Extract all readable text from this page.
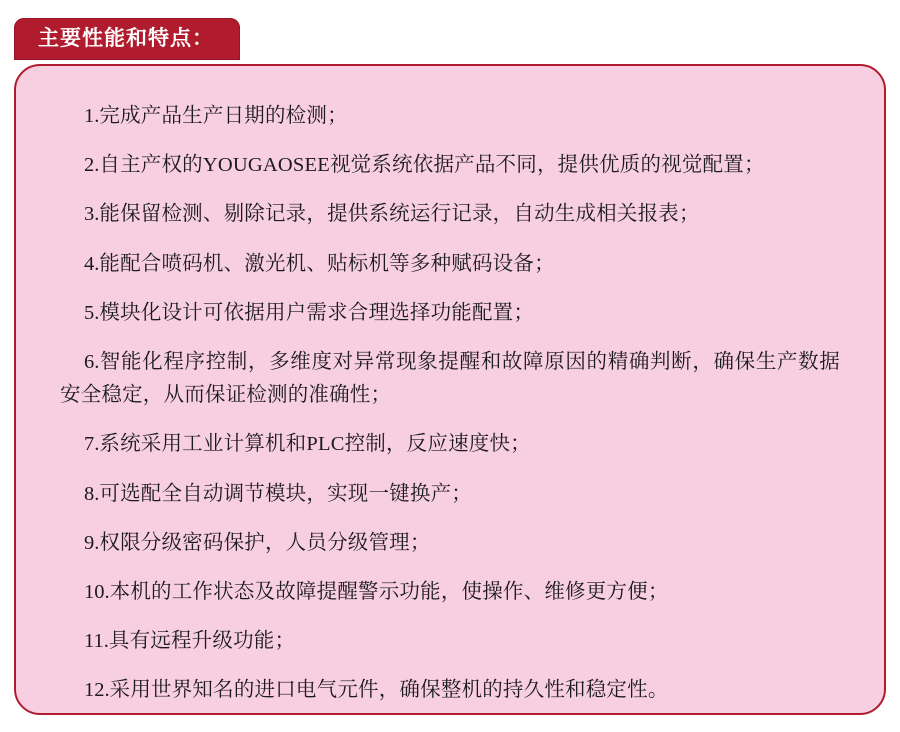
主要性能和特点：
1.完成产品生产日期的检测；
2.自主产权的YOUGAOSEE视觉系统依据产品不同，提供优质的视觉配置；
3.能保留检测、剔除记录，提供系统运行记录，自动生成相关报表；
4.能配合喷码机、激光机、贴标机等多种赋码设备；
5.模块化设计可依据用户需求合理选择功能配置；
6.智能化程序控制，多维度对异常现象提醒和故障原因的精确判断，确保生产数据安全稳定，从而保证检测的准确性；
7.系统采用工业计算机和PLC控制，反应速度快；
8.可选配全自动调节模块，实现一键换产；
9.权限分级密码保护，人员分级管理；
10.本机的工作状态及故障提醒警示功能，使操作、维修更方便；
11.具有远程升级功能；
12.采用世界知名的进口电气元件，确保整机的持久性和稳定性。
